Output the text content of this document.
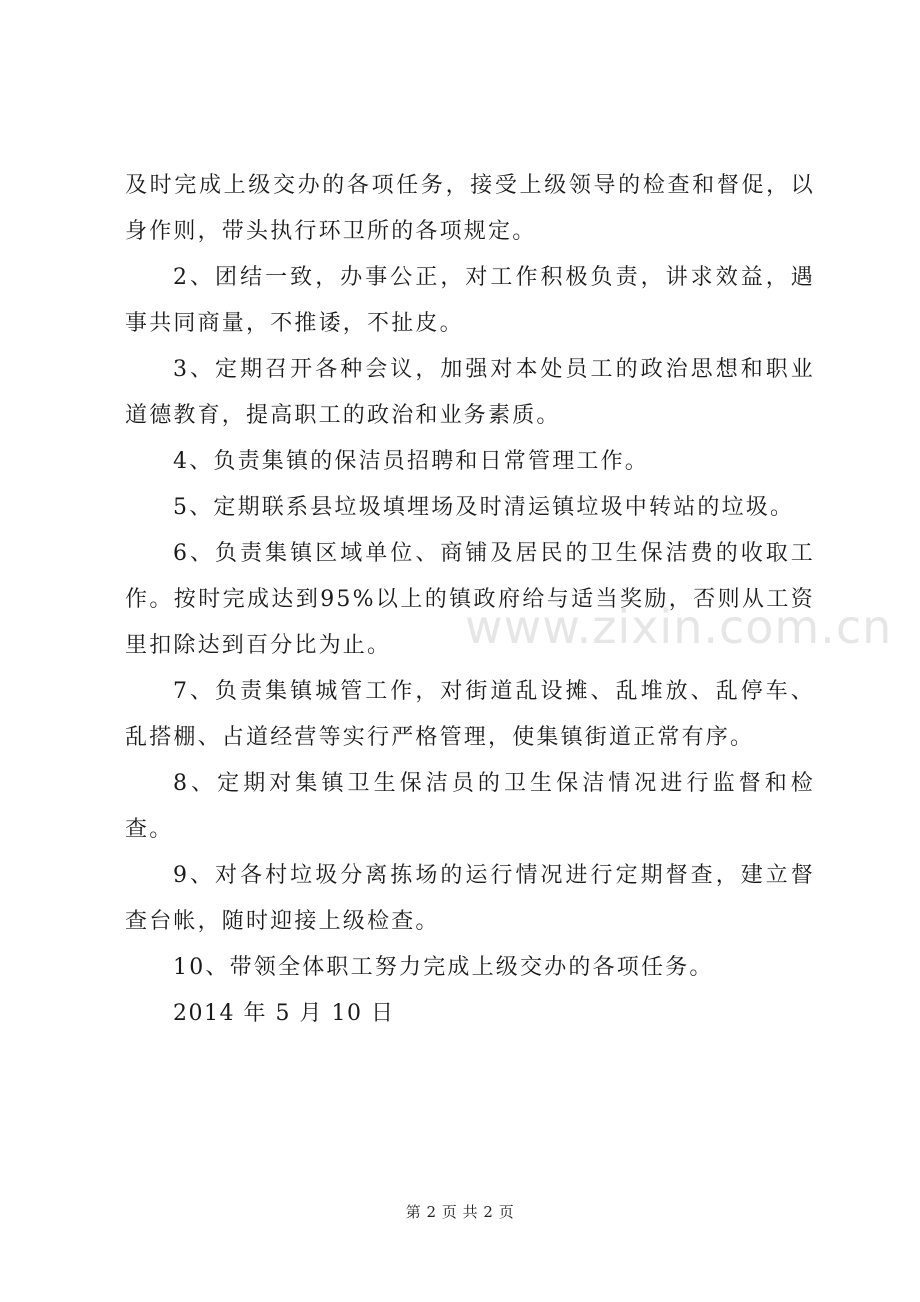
及时完成上级交办的各项任务，接受上级领导的检查和督促，以身作则，带头执行环卫所的各项规定。

2、团结一致，办事公正，对工作积极负责，讲求效益，遇事共同商量，不推诿，不扯皮。

3、定期召开各种会议，加强对本处员工的政治思想和职业道德教育，提高职工的政治和业务素质。

4、负责集镇的保洁员招聘和日常管理工作。

5、定期联系县垃圾填埋场及时清运镇垃圾中转站的垃圾。

6、负责集镇区域单位、商铺及居民的卫生保洁费的收取工作。按时完成达到95%以上的镇政府给与适当奖励，否则从工资里扣除达到百分比为止。

7、负责集镇城管工作，对街道乱设摊、乱堆放、乱停车、乱搭棚、占道经营等实行严格管理，使集镇街道正常有序。

8、定期对集镇卫生保洁员的卫生保洁情况进行监督和检查。

9、对各村垃圾分离拣场的运行情况进行定期督查，建立督查台帐，随时迎接上级检查。

10、带领全体职工努力完成上级交办的各项任务。

2014 年 5 月 10 日

www.zixin.com.cn
第 2 页 共 2 页
